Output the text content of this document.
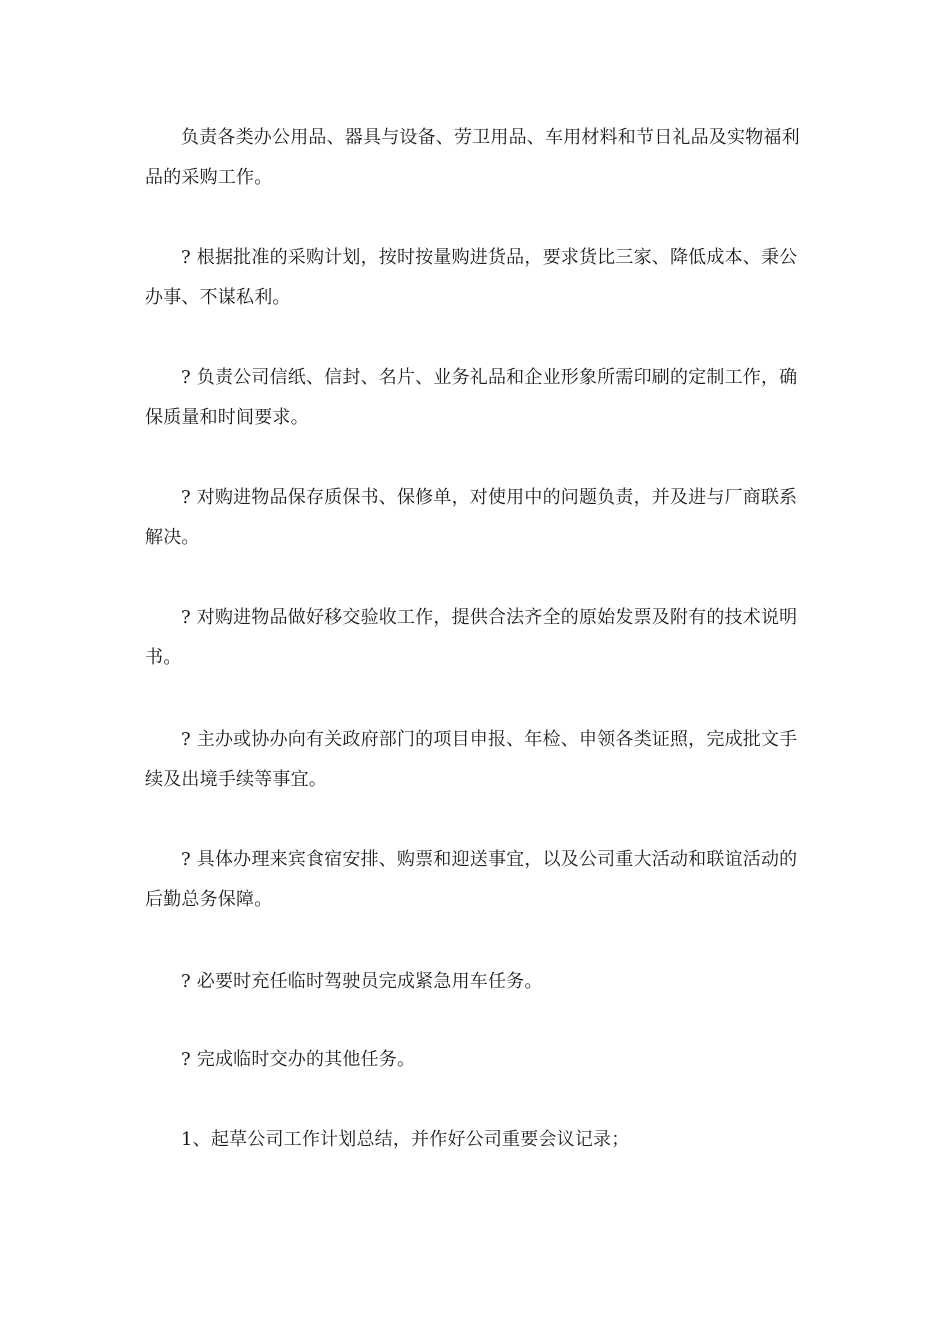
负责各类办公用品、器具与设备、劳卫用品、车用材料和节日礼品及实物福利品的采购工作。

? 根据批准的采购计划，按时按量购进货品，要求货比三家、降低成本、秉公办事、不谋私利。

? 负责公司信纸、信封、名片、业务礼品和企业形象所需印刷的定制工作，确保质量和时间要求。

? 对购进物品保存质保书、保修单，对使用中的问题负责，并及进与厂商联系解决。

? 对购进物品做好移交验收工作，提供合法齐全的原始发票及附有的技术说明书。

? 主办或协办向有关政府部门的项目申报、年检、申领各类证照，完成批文手续及出境手续等事宜。

? 具体办理来宾食宿安排、购票和迎送事宜，以及公司重大活动和联谊活动的后勤总务保障。

? 必要时充任临时驾驶员完成紧急用车任务。

? 完成临时交办的其他任务。

1、起草公司工作计划总结，并作好公司重要会议记录；
